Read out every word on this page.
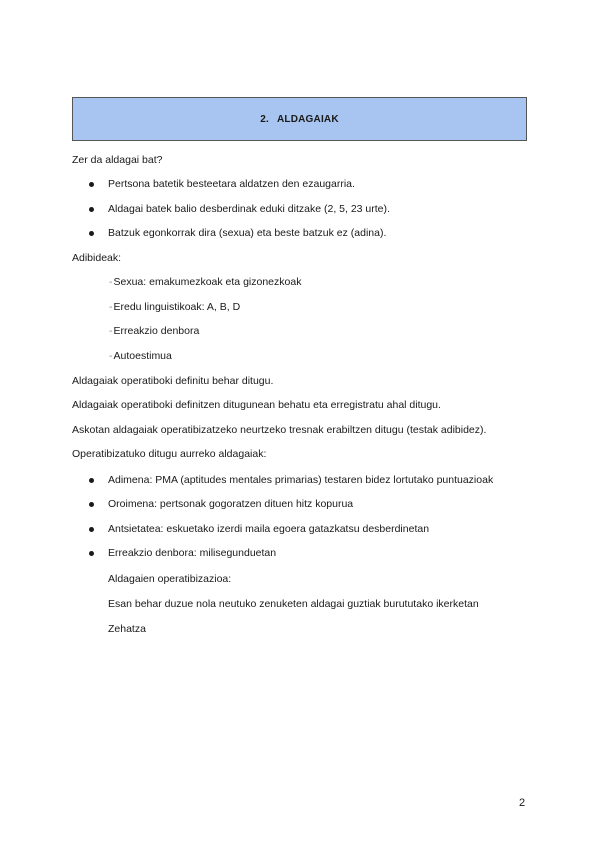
2. ALDAGAIAK
Zer da aldagai bat?
Pertsona batetik besteetara aldatzen den ezaugarria.
Aldagai batek balio desberdinak eduki ditzake (2, 5, 23 urte).
Batzuk egonkorrak dira (sexua) eta beste batzuk ez (adina).
Adibideak:
-Sexua: emakumezkoak eta gizonezkoak
-Eredu linguistikoak: A, B, D
-Erreakzio denbora
-Autoestimua
Aldagaiak operatiboki definitu behar ditugu.
Aldagaiak operatiboki definitzen ditugunean behatu eta erregistratu ahal ditugu.
Askotan aldagaiak operatibizatzeko neurtzeko tresnak erabiltzen ditugu (testak adibidez).
Operatibizatuko ditugu aurreko aldagaiak:
Adimena: PMA (aptitudes mentales primarias) testaren bidez lortutako puntuazioak
Oroimena: pertsonak gogoratzen dituen hitz kopurua
Antsietatea: eskuetako izerdi maila egoera gatazkatsu desberdinetan
Erreakzio denbora: milisegunduetan
Aldagaien operatibizazioa:
Esan behar duzue nola neutuko zenuketen aldagai guztiak burututako ikerketan
Zehatza
2
